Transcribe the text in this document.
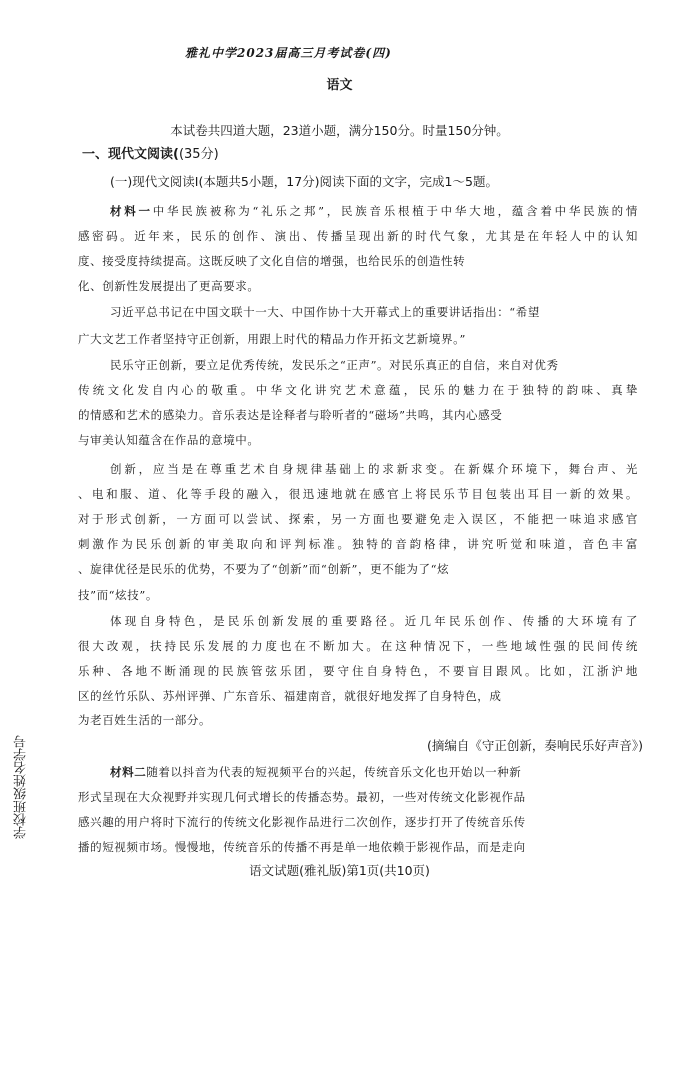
雅礼中学2023届高三月考试卷(四)
语文
本试卷共四道大题，23道小题，满分150分。时量150分钟。
一、现代文阅读((35分)
(一)现代文阅读Ⅰ(本题共5小题，17分)阅读下面的文字，完成1～5题。
材料一中华民族被称为“礼乐之邦”，民族音乐根植于中华大地，蕴含着中华民族的情
感密码。近年来，民乐的创作、演出、传播呈现出新的时代气象，尤其是在年轻人中的认知
度、接受度持续提高。这既反映了文化自信的增强，也给民乐的创造性转
化、创新性发展提出了更高要求。
习近平总书记在中国文联十一大、中国作协十大开幕式上的重要讲话指出：“希望
广大文艺工作者坚持守正创新，用跟上时代的精品力作开拓文艺新境界。”
民乐守正创新，要立足优秀传统，发民乐之“正声”。对民乐真正的自信，来自对优秀
传统文化发自内心的敬重。中华文化讲究艺术意蕴，民乐的魅力在于独特的韵味、真挚
的情感和艺术的感染力。音乐表达是诠释者与聆听者的“磁场”共鸣，其内心感受
与审美认知蕴含在作品的意境中。
创新，应当是在尊重艺术自身规律基础上的求新求变。在新媒介环境下，舞台声、光
、电和服、道、化等手段的融入，很迅速地就在感官上将民乐节目包装出耳目一新的效果。
对于形式创新，一方面可以尝试、探索，另一方面也要避免走入误区，不能把一味追求感官
刺激作为民乐创新的审美取向和评判标准。独特的音韵格律，讲究听觉和味道，音色丰富
、旋律优径是民乐的优势，不要为了“创新”而“创新”，更不能为了“炫
技”而“炫技”。
体现自身特色，是民乐创新发展的重要路径。近几年民乐创作、传播的大环境有了
很大改观，扶持民乐发展的力度也在不断加大。在这种情况下，一些地域性强的民间传统
乐种、各地不断涌现的民族管弦乐团，要守住自身特色，不要盲目跟风。比如，江浙沪地
区的丝竹乐队、苏州评弹、广东音乐、福建南音，就很好地发挥了自身特色，成
为老百姓生活的一部分。
(摘编自《守正创新，奏响民乐好声音》)
材料二随着以抖音为代表的短视频平台的兴起，传统音乐文化也开始以一种新
形式呈现在大众视野并实现几何式增长的传播态势。最初，一些对传统文化影视作品
感兴趣的用户将时下流行的传统文化影视作品进行二次创作，逐步打开了传统音乐传
播的短视频市场。慢慢地，传统音乐的传播不再是单一地依赖于影视作品，而是走向
学校班级姓名学号
语文试题(雅礼版)第1页(共10页)
